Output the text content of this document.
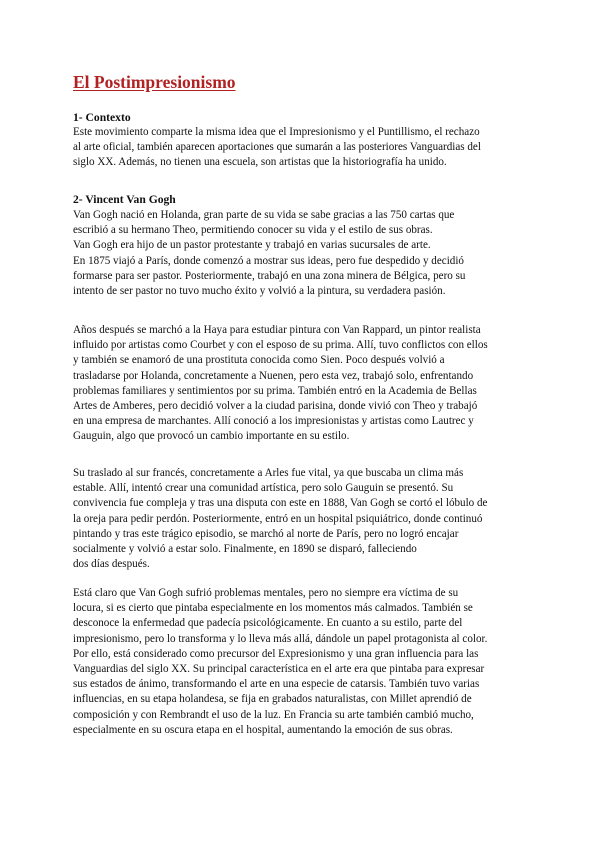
El Postimpresionismo
1- Contexto
Este movimiento comparte la misma idea que el Impresionismo y el Puntillismo, el rechazo
al arte oficial, también aparecen aportaciones que sumarán a las posteriores Vanguardias del
siglo XX. Además, no tienen una escuela, son artistas que la historiografía ha unido.
2- Vincent Van Gogh
Van Gogh nació en Holanda, gran parte de su vida se sabe gracias a las 750 cartas que
escribió a su hermano Theo, permitiendo conocer su vida y el estilo de sus obras.
Van Gogh era hijo de un pastor protestante y trabajó en varias sucursales de arte.
En 1875 viajó a París, donde comenzó a mostrar sus ideas, pero fue despedido y decidió
formarse para ser pastor. Posteriormente, trabajó en una zona minera de Bélgica, pero su
intento de ser pastor no tuvo mucho éxito y volvió a la pintura, su verdadera pasión.
Años después se marchó a la Haya para estudiar pintura con Van Rappard, un pintor realista
influido por artistas como Courbet y con el esposo de su prima. Allí, tuvo conflictos con ellos
y también se enamoró de una prostituta conocida como Sien. Poco después volvió a
trasladarse por Holanda, concretamente a Nuenen, pero esta vez, trabajó solo, enfrentando
problemas familiares y sentimientos por su prima. También entró en la Academia de Bellas
Artes de Amberes, pero decidió volver a la ciudad parisina, donde vivió con Theo y trabajó
en una empresa de marchantes. Allí conoció a los impresionistas y artistas como Lautrec y
Gauguin, algo que provocó un cambio importante en su estilo.
Su traslado al sur francés, concretamente a Arles fue vital, ya que buscaba un clima más
estable. Allí, intentó crear una comunidad artística, pero solo Gauguin se presentó. Su
convivencia fue compleja y tras una disputa con este en 1888, Van Gogh se cortó el lóbulo de
la oreja para pedir perdón. Posteriormente, entró en un hospital psiquiátrico, donde continuó
pintando y tras este trágico episodio, se marchó al norte de París, pero no logró encajar
socialmente y volvió a estar solo. Finalmente, en 1890 se disparó, falleciendo
dos días después.
Está claro que Van Gogh sufrió problemas mentales, pero no siempre era víctima de su
locura, si es cierto que pintaba especialmente en los momentos más calmados. También se
desconoce la enfermedad que padecía psicológicamente. En cuanto a su estilo, parte del
impresionismo, pero lo transforma y lo lleva más allá, dándole un papel protagonista al color.
Por ello, está considerado como precursor del Expresionismo y una gran influencia para las
Vanguardias del siglo XX. Su principal característica en el arte era que pintaba para expresar
sus estados de ánimo, transformando el arte en una especie de catarsis. También tuvo varias
influencias, en su etapa holandesa, se fija en grabados naturalistas, con Millet aprendió de
composición y con Rembrandt el uso de la luz. En Francia su arte también cambió mucho,
especialmente en su oscura etapa en el hospital, aumentando la emoción de sus obras.
